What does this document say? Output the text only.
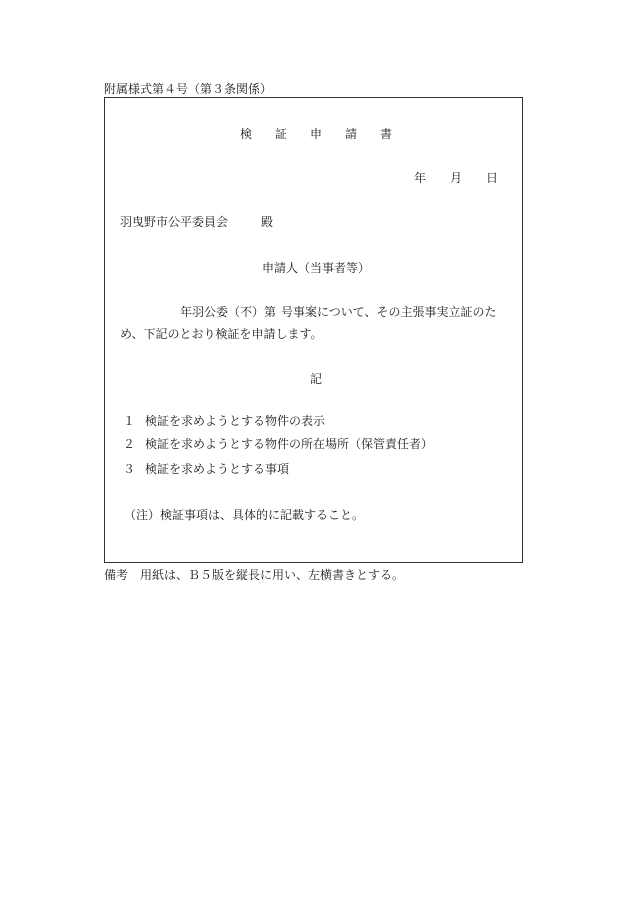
附属様式第４号（第３条関係）

検証申請書

年 月 日
羽曳野市公平委員会	殿
申請人（当事者等）
年羽公委（不）第 号事案について、その主張事実立証のた
め、下記のとおり検証を申請します。
記
１ 検証を求めようとする物件の表示
２ 検証を求めようとする物件の所在場所（保管責任者）
３ 検証を求めようとする事項
（注）検証事項は、具体的に記載すること。
備考 用紙は、Ｂ５版を縦長に用い、左横書きとする。
